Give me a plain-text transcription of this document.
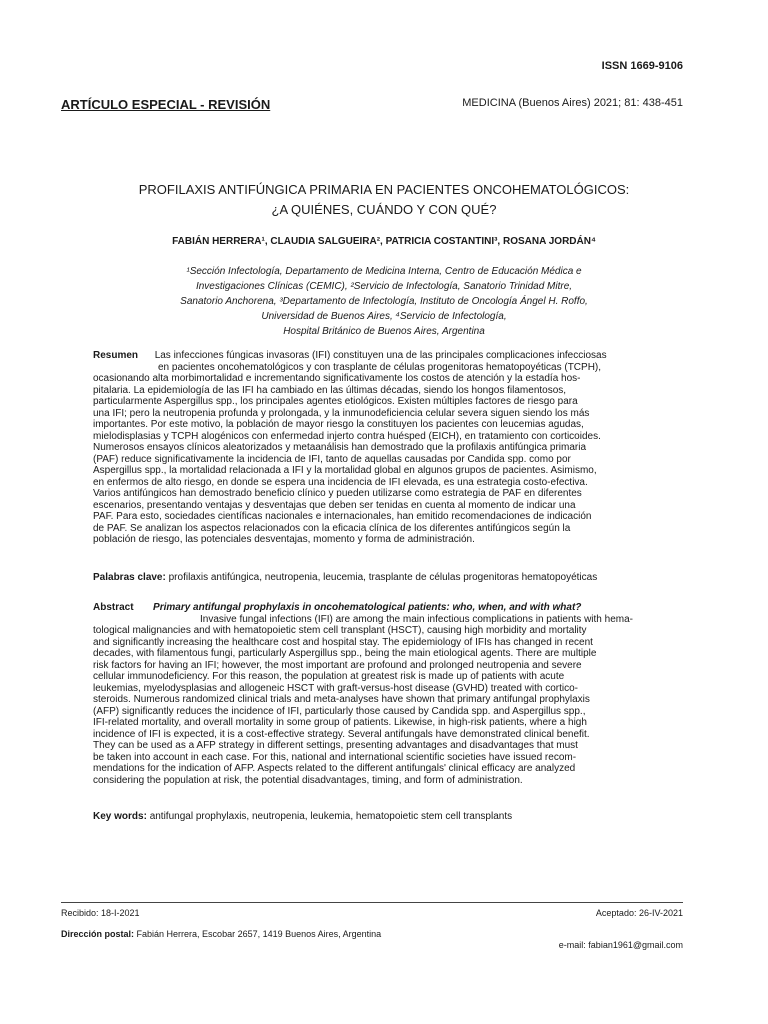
ISSN 1669-9106
ARTÍCULO ESPECIAL - REVISIÓN	MEDICINA (Buenos Aires) 2021; 81: 438-451
PROFILAXIS ANTIFÚNGICA PRIMARIA EN PACIENTES ONCOHEMATOLÓGICOS:
¿A QUIÉNES, CUÁNDO Y CON QUÉ?
FABIÁN HERRERA¹, CLAUDIA SALGUEIRA², PATRICIA COSTANTINI³, ROSANA JORDÁN⁴
¹Sección Infectología, Departamento de Medicina Interna, Centro de Educación Médica e
Investigaciones Clínicas (CEMIC), ²Servicio de Infectología, Sanatorio Trinidad Mitre,
Sanatorio Anchorena, ³Departamento de Infectología, Instituto de Oncología Ángel H. Roffo,
Universidad de Buenos Aires, ⁴Servicio de Infectología,
Hospital Británico de Buenos Aires, Argentina
Resumen Las infecciones fúngicas invasoras (IFI) constituyen una de las principales complicaciones infecciosas
en pacientes oncohematológicos y con trasplante de células progenitoras hematopoyéticas (TCPH),
ocasionando alta morbimortalidad e incrementando significativamente los costos de atención y la estadía hos-
pitalaria. La epidemiología de las IFI ha cambiado en las últimas décadas, siendo los hongos filamentosos,
particularmente Aspergillus spp., los principales agentes etiológicos. Existen múltiples factores de riesgo para
una IFI; pero la neutropenia profunda y prolongada, y la inmunodeficiencia celular severa siguen siendo los más
importantes. Por este motivo, la población de mayor riesgo la constituyen los pacientes con leucemias agudas,
mielodisplasias y TCPH alogénicos con enfermedad injerto contra huésped (EICH), en tratamiento con corticoides.
Numerosos ensayos clínicos aleatorizados y metaanálisis han demostrado que la profilaxis antifúngica primaria
(PAF) reduce significativamente la incidencia de IFI, tanto de aquellas causadas por Candida spp. como por
Aspergillus spp., la mortalidad relacionada a IFI y la mortalidad global en algunos grupos de pacientes. Asimismo,
en enfermos de alto riesgo, en donde se espera una incidencia de IFI elevada, es una estrategia costo-efectiva.
Varios antifúngicos han demostrado beneficio clínico y pueden utilizarse como estrategia de PAF en diferentes
escenarios, presentando ventajas y desventajas que deben ser tenidas en cuenta al momento de indicar una
PAF. Para esto, sociedades científicas nacionales e internacionales, han emitido recomendaciones de indicación
de PAF. Se analizan los aspectos relacionados con la eficacia clínica de los diferentes antifúngicos según la
población de riesgo, las potenciales desventajas, momento y forma de administración.
Palabras clave: profilaxis antifúngica, neutropenia, leucemia, trasplante de células progenitoras hematopoyéticas
Abstract Primary antifungal prophylaxis in oncohematological patients: who, when, and with what?
Invasive fungal infections (IFI) are among the main infectious complications in patients with hema-
tological malignancies and with hematopoietic stem cell transplant (HSCT), causing high morbidity and mortality
and significantly increasing the healthcare cost and hospital stay. The epidemiology of IFIs has changed in recent
decades, with filamentous fungi, particularly Aspergillus spp., being the main etiological agents. There are multiple
risk factors for having an IFI; however, the most important are profound and prolonged neutropenia and severe
cellular immunodeficiency. For this reason, the population at greatest risk is made up of patients with acute
leukemias, myelodysplasias and allogeneic HSCT with graft-versus-host disease (GVHD) treated with cortico-
steroids. Numerous randomized clinical trials and meta-analyses have shown that primary antifungal prophylaxis
(AFP) significantly reduces the incidence of IFI, particularly those caused by Candida spp. and Aspergillus spp.,
IFI-related mortality, and overall mortality in some group of patients. Likewise, in high-risk patients, where a high
incidence of IFI is expected, it is a cost-effective strategy. Several antifungals have demonstrated clinical benefit.
They can be used as a AFP strategy in different settings, presenting advantages and disadvantages that must
be taken into account in each case. For this, national and international scientific societies have issued recom-
mendations for the indication of AFP. Aspects related to the different antifungals' clinical efficacy are analyzed
considering the population at risk, the potential disadvantages, timing, and form of administration.
Key words: antifungal prophylaxis, neutropenia, leukemia, hematopoietic stem cell transplants
Recibido: 18-I-2021	Aceptado: 26-IV-2021
Dirección postal: Fabián Herrera, Escobar 2657, 1419 Buenos Aires, Argentina
e-mail: fabian1961@gmail.com
